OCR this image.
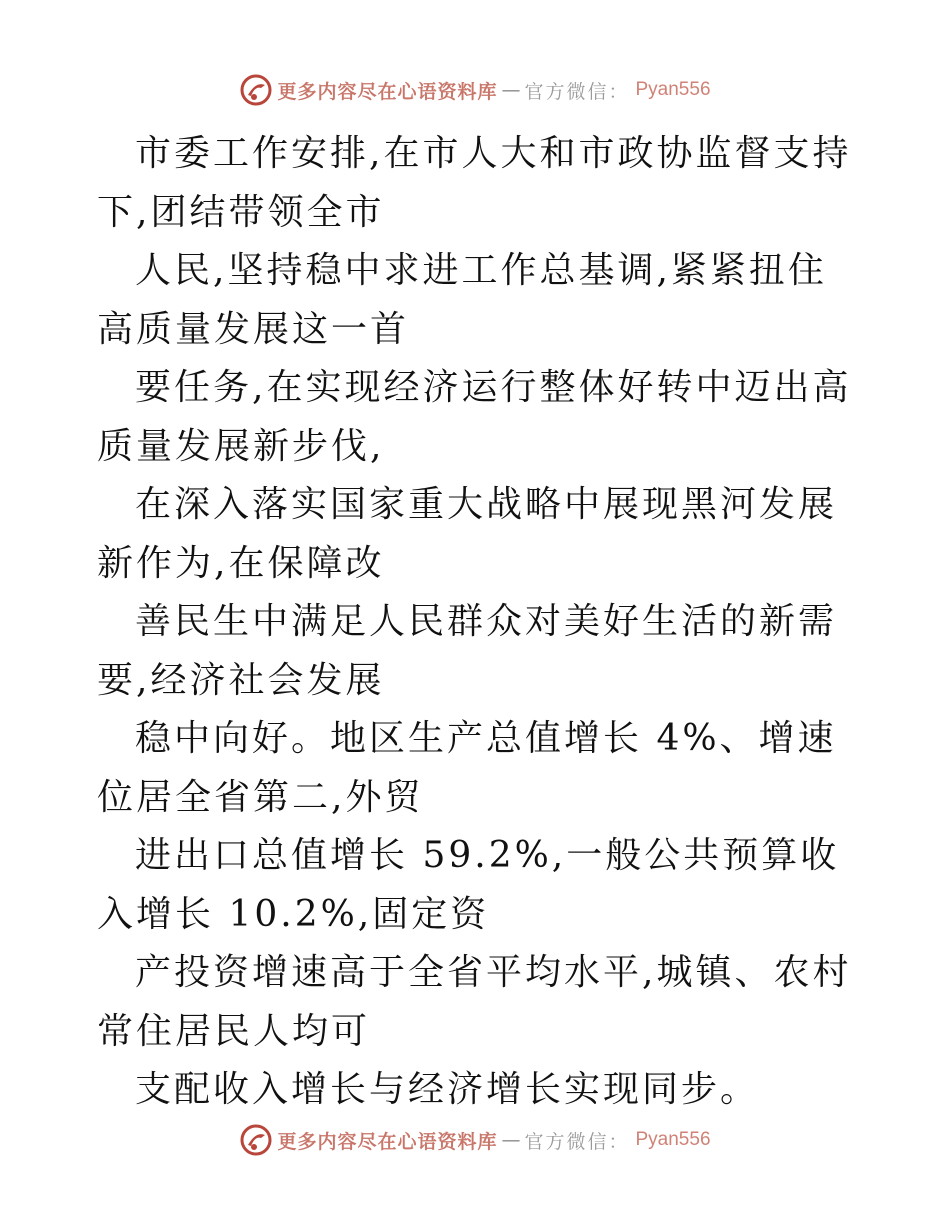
更多内容尽在心语资料库 — 官方微信： Pyan556

市委工作安排,在市人大和市政协监督支持下,团结带领全市

人民,坚持稳中求进工作总基调,紧紧扭住高质量发展这一首

要任务,在实现经济运行整体好转中迈出高质量发展新步伐,

在深入落实国家重大战略中展现黑河发展新作为,在保障改

善民生中满足人民群众对美好生活的新需要,经济社会发展

稳中向好。地区生产总值增长 4%、增速位居全省第二,外贸

进出口总值增长 59.2%,一般公共预算收入增长 10.2%,固定资

产投资增速高于全省平均水平,城镇、农村常住居民人均可

支配收入增长与经济增长实现同步。

更多内容尽在心语资料库 — 官方微信： Pyan556
